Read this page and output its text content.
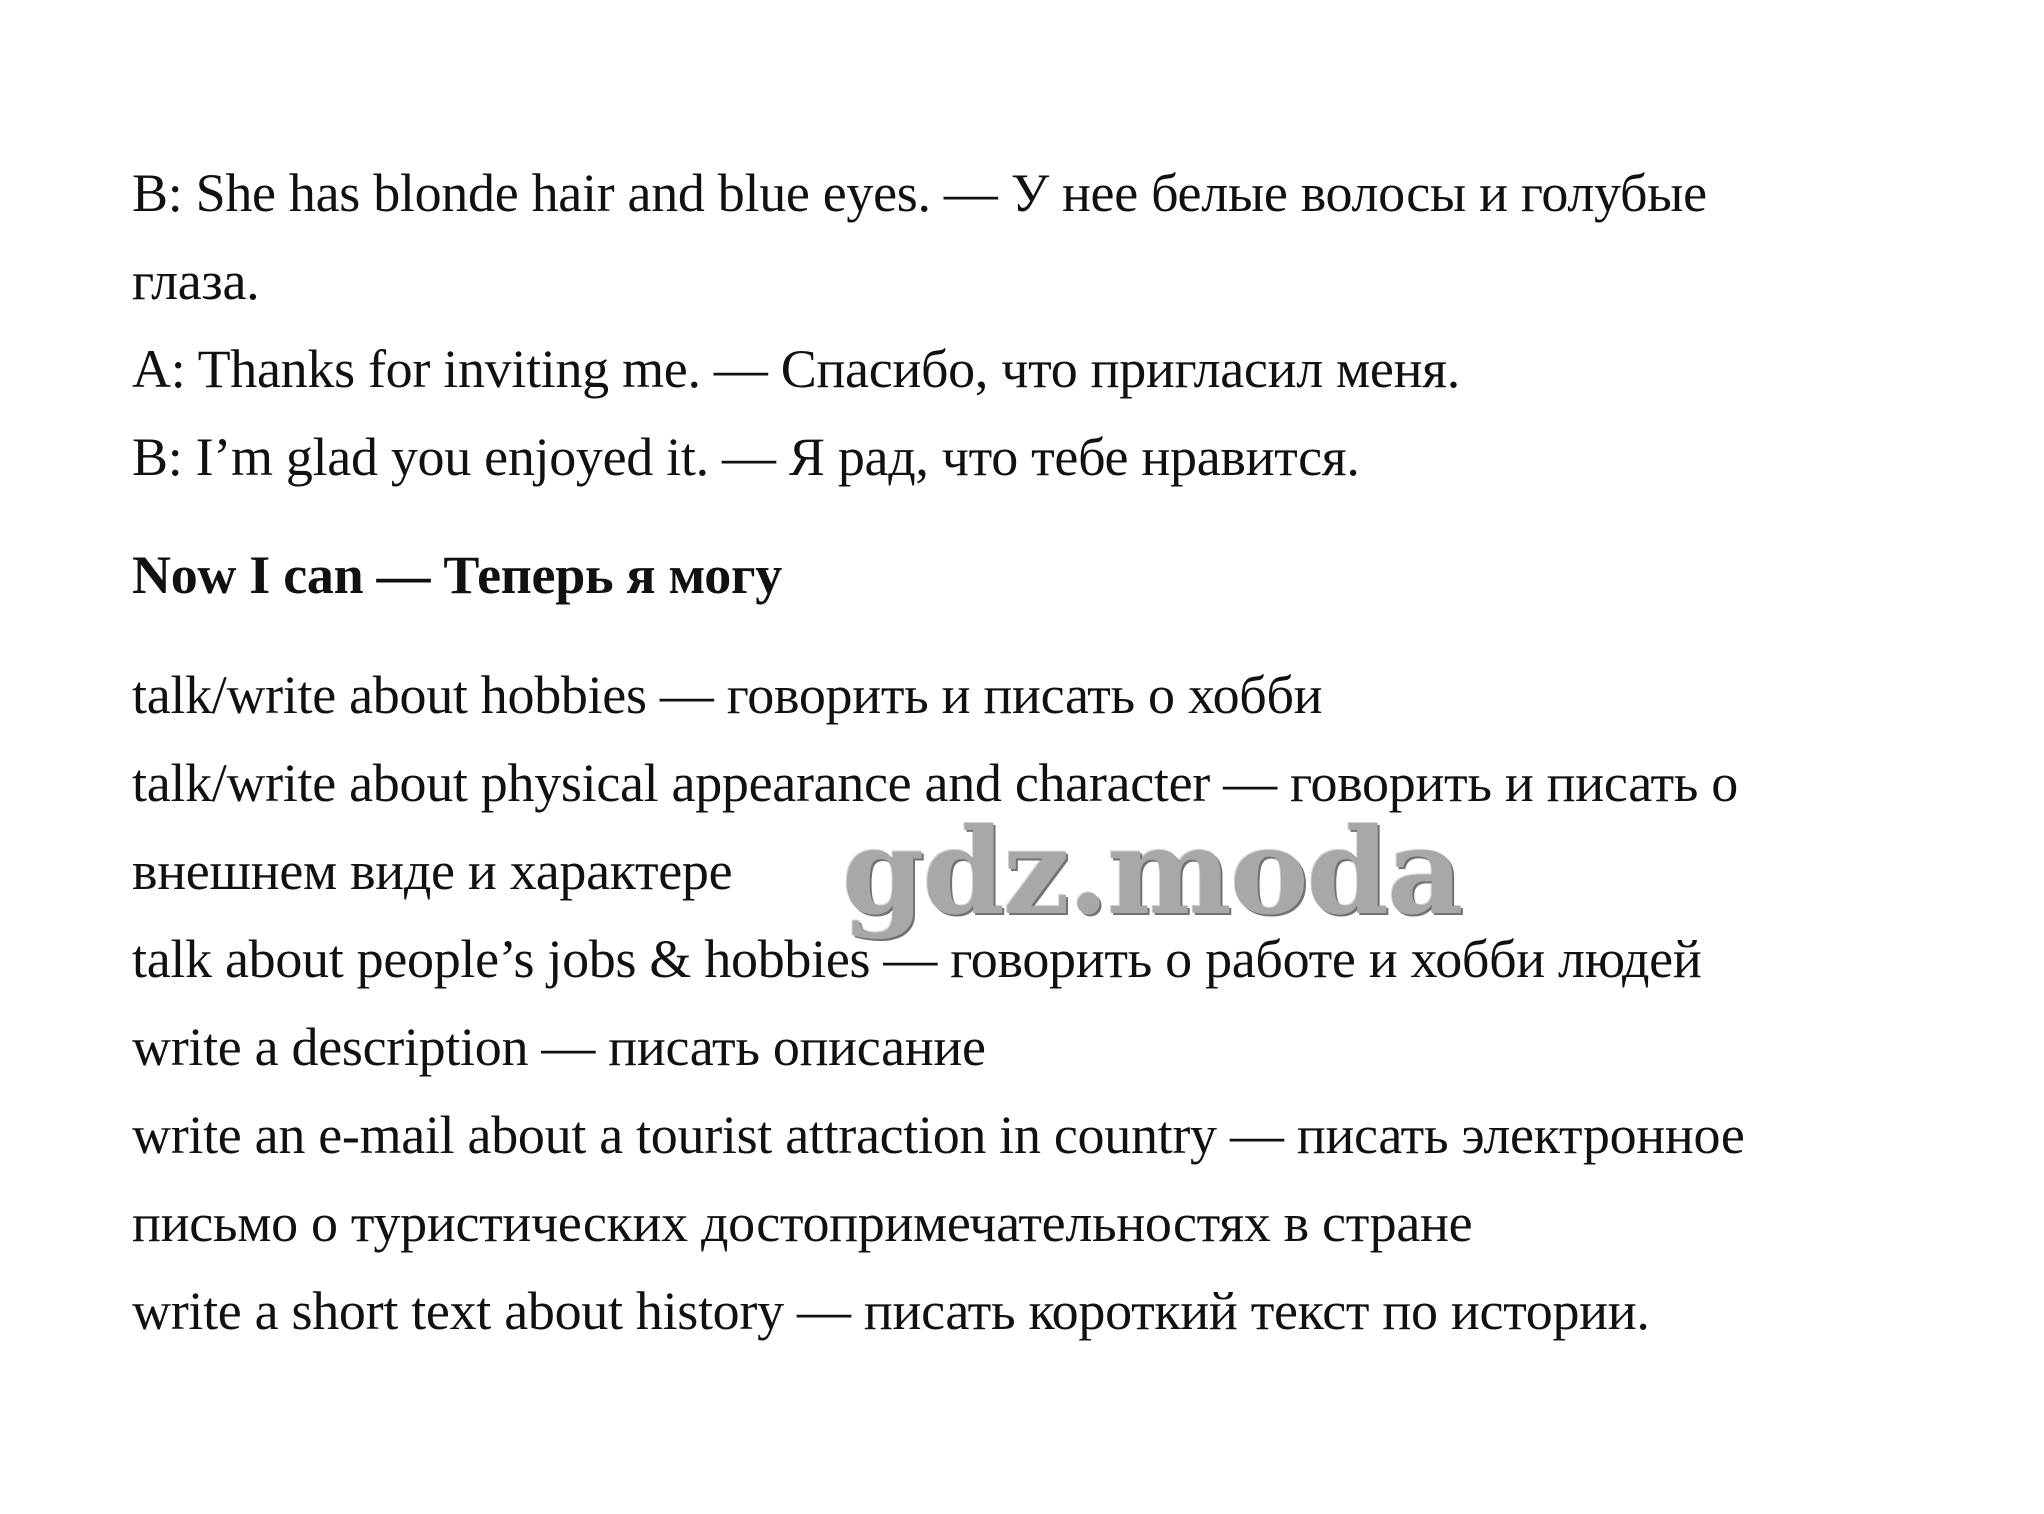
B: She has blonde hair and blue eyes. — У нее белые волосы и голубые
глаза.
A: Thanks for inviting me. — Спасибо, что пригласил меня.
B: I’m glad you enjoyed it. — Я рад, что тебе нравится.
Now I can — Теперь я могу
talk/write about hobbies — говорить и писать о хобби
talk/write about physical appearance and character — говорить и писать о
внешнем виде и характере
talk about people’s jobs & hobbies — говорить о работе и хобби людей
write a description — писать описание
write an e-mail about a tourist attraction in country — писать электронное
письмо о туристических достопримечательностях в стране
write a short text about history — писать короткий текст по истории.
gdz.moda
